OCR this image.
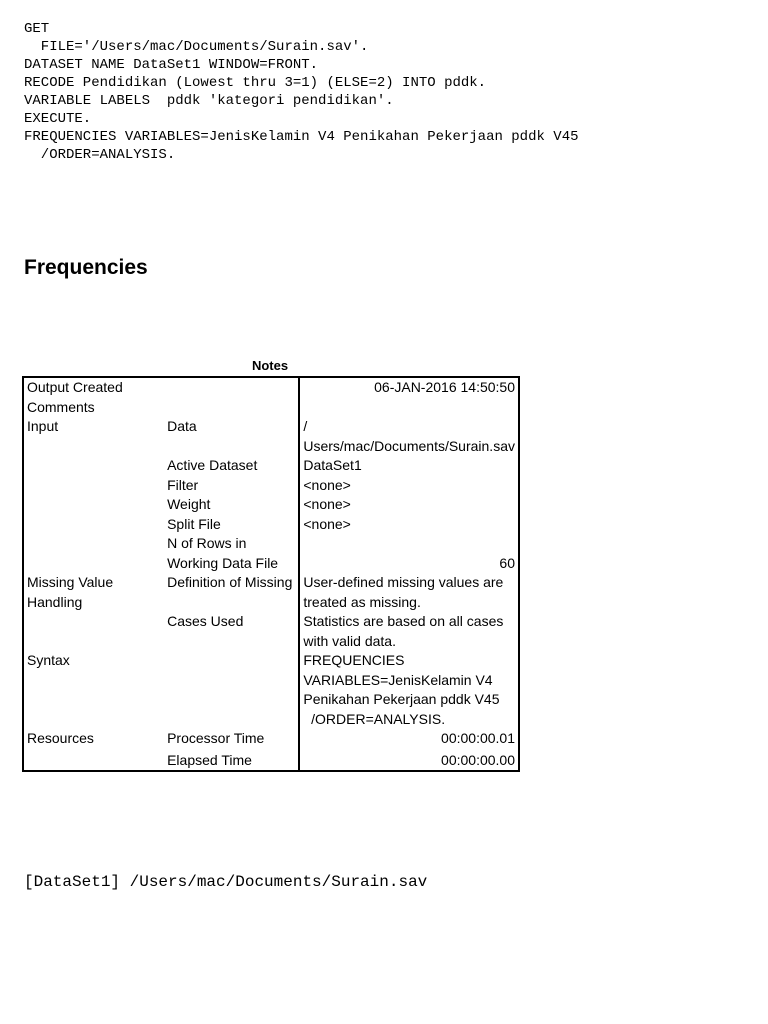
GET
FILE='/Users/mac/Documents/Surain.sav'.
DATASET NAME DataSet1 WINDOW=FRONT.
RECODE Pendidikan (Lowest thru 3=1) (ELSE=2) INTO pddk.
VARIABLE LABELS  pddk 'kategori pendidikan'.
EXECUTE.
FREQUENCIES VARIABLES=JenisKelamin V4 Penikahan Pekerjaan pddk V45
/ORDER=ANALYSIS.
Frequencies
Notes
Output Created		06-JAN-2016 14:50:50
Comments		
Input	Data	/ Users/mac/Documents/Surain.sav
	Active Dataset	DataSet1
	Filter	<none>
	Weight	<none>
	Split File	<none>
	N of Rows in Working Data File	60
Missing Value Handling	Definition of Missing	User-defined missing values are treated as missing.
	Cases Used	Statistics are based on all cases with valid data.
Syntax		FREQUENCIES VARIABLES=JenisKelamin V4 Penikahan Pekerjaan pddk V45
/ORDER=ANALYSIS.
Resources	Processor Time	00:00:00.01
	Elapsed Time	00:00:00.00
[DataSet1] /Users/mac/Documents/Surain.sav
